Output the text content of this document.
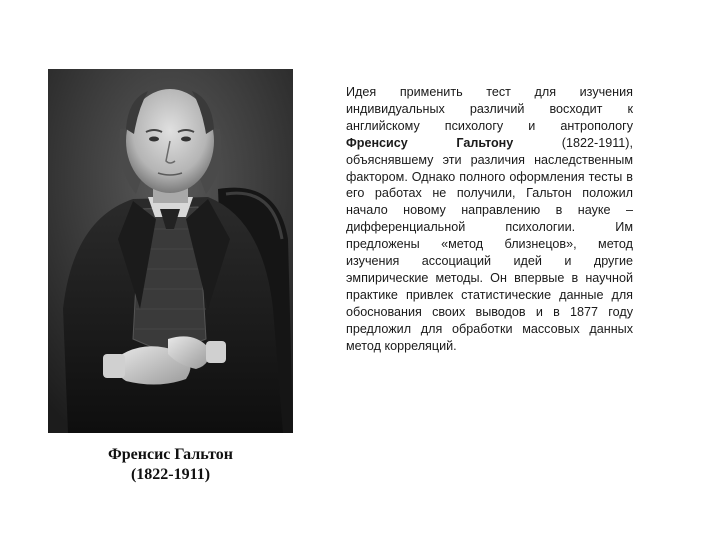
Френсис Гальтон
(1822-1911)
Идея применить тест для изучения индивидуальных различий восходит к английскому психологу и антропологу Френсису Гальтону (1822-1911), объяснявшему эти различия наследственным фактором. Однако полного оформления тесты в его работах не получили, Гальтон положил начало новому направлению в науке – дифференциальной психологии. Им предложены «метод близнецов», метод изучения ассоциаций идей и другие эмпирические методы. Он впервые в научной практике привлек статистические данные для обоснования своих выводов и в 1877 году предложил для обработки массовых данных метод корреляций.
